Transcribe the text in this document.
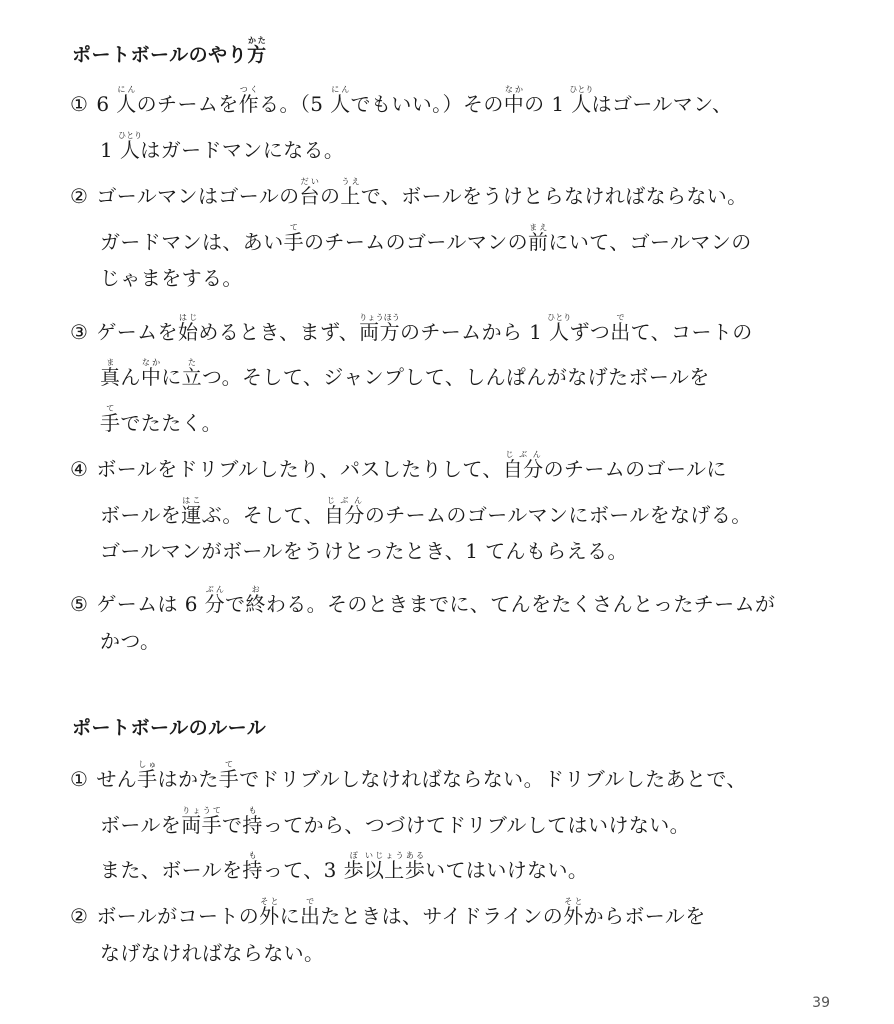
ポートボールのやり方かた
① 6 人にんのチームを作つくる。（5 人にんでもいい。）その中なかの 1 人ひとりはゴールマン、
1 人ひとりはガードマンになる。
② ゴールマンはゴールの台だいの上うえで、ボールをうけとらなければならない。
ガードマンは、あい手てのチームのゴールマンの前まえにいて、ゴールマンの
じゃまをする。
③ ゲームを始はじめるとき、まず、両方りょうほうのチームから 1 人ひとりずつ出でて、コートの
真まん中なかに立たつ。そして、ジャンプして、しんぱんがなげたボールを
手てでたたく。
④ ボールをドリブルしたり、パスしたりして、自分じぶんのチームのゴールに
ボールを運はこぶ。そして、自分じぶんのチームのゴールマンにボールをなげる。
ゴールマンがボールをうけとったとき、1 てんもらえる。
⑤ ゲームは 6 分ぶんで終おわる。そのときまでに、てんをたくさんとったチームが
かつ。
ポートボールのルール
① せん手しゅはかた手てでドリブルしなければならない。ドリブルしたあとで、
ボールを両手りょうてで持もってから、つづけてドリブルしてはいけない。
また、ボールを持もって、3 歩ぽ以上いじょう歩あるいてはいけない。
② ボールがコートの外そとに出でたときは、サイドラインの外そとからボールを
なげなければならない。
39
